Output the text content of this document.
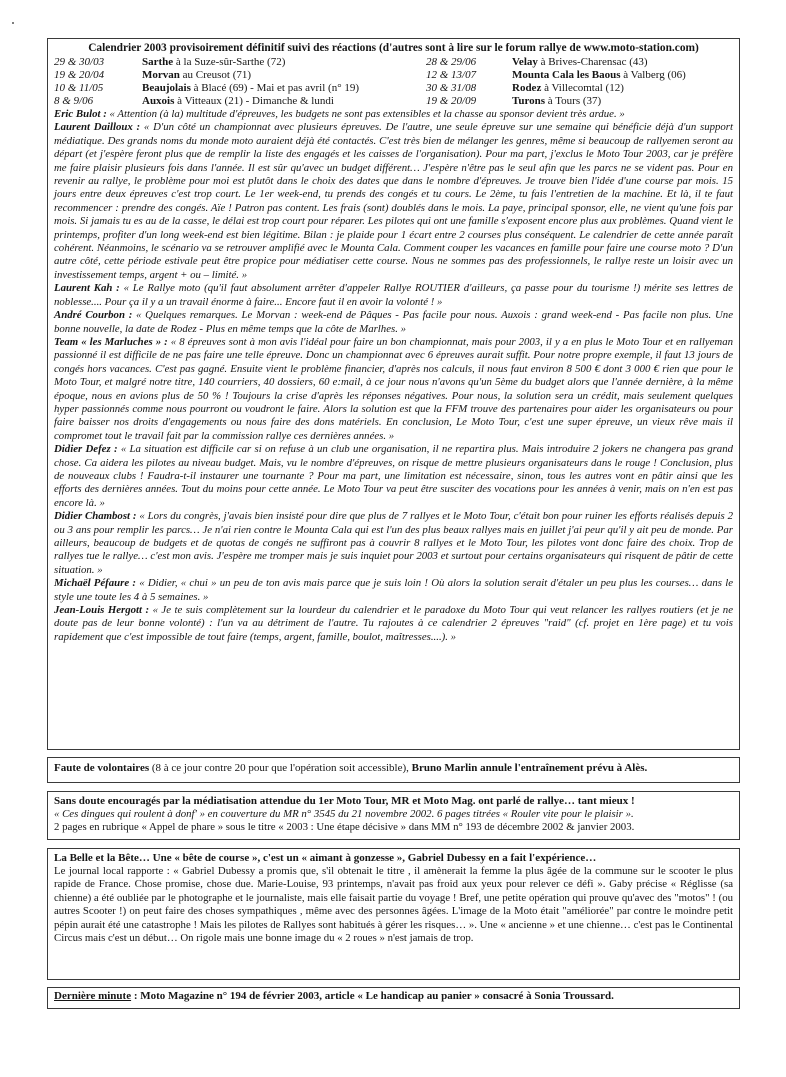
Calendrier 2003 provisoirement définitif suivi des réactions (d'autres sont à lire sur le forum rallye de www.moto-station.com)

29 & 30/03	Sarthe à la Suze-sûr-Sarthe (72)	28 & 29/06	Velay à Brives-Charensac (43)
19 & 20/04	Morvan au Creusot (71)	12 & 13/07	Mounta Cala les Baous à Valberg (06)
10 & 11/05	Beaujolais à Blacé (69) - Mai et pas avril (n° 19)	30 & 31/08	Rodez à Villecomtal (12)
8 & 9/06	Auxois à Vitteaux (21) - Dimanche & lundi	19 & 20/09	Turons à Tours (37)

Eric Bulot : « Attention (à la) multitude d'épreuves, les budgets ne sont pas extensibles et la chasse au sponsor devient très ardue. »

Laurent Dailloux : « D'un côté un championnat avec plusieurs épreuves. De l'autre, une seule épreuve sur une semaine qui bénéficie déjà d'un support médiatique. Des grands noms du monde moto auraient déjà été contactés. C'est très bien de mélanger les genres, même si beaucoup de rallyemen seront au départ (et j'espère feront plus que de remplir la liste des engagés et les caisses de l'organisation). Pour ma part, j'exclus le Moto Tour 2003, car je préfère me faire plaisir plusieurs fois dans l'année. Il est sûr qu'avec un budget différent… J'espère n'être pas le seul afin que les parcs ne se vident pas. Pour en revenir au rallye, le problème pour moi est plutôt dans le choix des dates que dans le nombre d'épreuves. Je trouve bien l'idée d'une course par mois. 15 jours entre deux épreuves c'est trop court. Le 1er week-end, tu prends des congés et tu cours. Le 2ème, tu fais l'entretien de la machine. Et là, il te faut recommencer : prendre des congés. Aïe ! Patron pas content. Les frais (sont) doublés dans le mois. La paye, principal sponsor, elle, ne vient qu'une fois par mois. Si jamais tu es au de la casse, le délai est trop court pour réparer. Les pilotes qui ont une famille s'exposent encore plus aux problèmes. Quand vient le printemps, profiter d'un long week-end est bien légitime. Bilan : je plaide pour 1 écart entre 2 courses plus conséquent. Le calendrier de cette année paraît cohérent. Néanmoins, le scénario va se retrouver amplifié avec le Mounta Cala. Comment couper les vacances en famille pour faire une course moto ? D'un autre côté, cette période estivale peut être propice pour médiatiser cette course. Nous ne sommes pas des professionnels, le rallye reste un loisir avec un investissement temps, argent + ou – limité. »

Laurent Kah : « Le Rallye moto (qu'il faut absolument arrêter d'appeler Rallye ROUTIER d'ailleurs, ça passe pour du tourisme !) mérite ses lettres de noblesse.... Pour ça il y a un travail énorme à faire... Encore faut il en avoir la volonté ! »

André Courbon : « Quelques remarques. Le Morvan : week-end de Pâques - Pas facile pour nous. Auxois : grand week-end - Pas facile non plus. Une bonne nouvelle, la date de Rodez - Plus en même temps que la côte de Marlhes. »

Team « les Marluches » : « 8 épreuves sont à mon avis l'idéal pour faire un bon championnat, mais pour 2003, il y a en plus le Moto Tour et en rallyeman passionné il est difficile de ne pas faire une telle épreuve. Donc un championnat avec 6 épreuves aurait suffit. Pour notre propre exemple, il faut 13 jours de congés hors vacances. C'est pas gagné. Ensuite vient le problème financier, d'après nos calculs, il nous faut environ 8 500 € dont 3 000 € rien que pour le Moto Tour, et malgré notre titre, 140 courriers, 40 dossiers, 60 e:mail, à ce jour nous n'avons qu'un 5ème du budget alors que l'année dernière, à la même époque, nous en avions plus de 50 % ! Toujours la crise d'après les réponses négatives. Pour nous, la solution sera un crédit, mais seulement quelques hyper passionnés comme nous pourront ou voudront le faire. Alors la solution est que la FFM trouve des partenaires pour aider les organisateurs ou pour faire baisser nos droits d'engagements ou nous faire des dons matériels. En conclusion, Le Moto Tour, c'est une super épreuve, un vieux rêve mais il compromet tout le travail fait par la commission rallye ces dernières années. »

Didier Defez : « La situation est difficile car si on refuse à un club une organisation, il ne repartira plus. Mais introduire 2 jokers ne changera pas grand chose. Ca aidera les pilotes au niveau budget. Mais, vu le nombre d'épreuves, on risque de mettre plusieurs organisateurs dans le rouge ! Conclusion, plus de nouveaux clubs ! Faudra-t-il instaurer une tournante ? Pour ma part, une limitation est nécessaire, sinon, tous les autres vont en pâtir ainsi que les efforts des dernières années. Tout du moins pour cette année. Le Moto Tour va peut être susciter des vocations pour les années à venir, mais on n'en est pas encore là. »

Didier Chambost : « Lors du congrès, j'avais bien insisté pour dire que plus de 7 rallyes et le Moto Tour, c'était bon pour ruiner les efforts réalisés depuis 2 ou 3 ans pour remplir les parcs… Je n'ai rien contre le Mounta Cala qui est l'un des plus beaux rallyes mais en juillet j'ai peur qu'il y ait peu de monde. Par ailleurs, beaucoup de budgets et de quotas de congés ne suffiront pas à couvrir 8 rallyes et le Moto Tour, les pilotes vont donc faire des choix. Trop de rallyes tue le rallye… c'est mon avis. J'espère me tromper mais je suis inquiet pour 2003 et surtout pour certains organisateurs qui risquent de pâtir de cette situation. »

Michaël Péfaure : « Didier, « chui » un peu de ton avis mais parce que je suis loin ! Où alors la solution serait d'étaler un peu plus les courses… dans le style une toute les 4 à 5 semaines. »

Jean-Louis Hergott : « Je te suis complètement sur la lourdeur du calendrier et le paradoxe du Moto Tour qui veut relancer les rallyes routiers (et je ne doute pas de leur bonne volonté) : l'un va au détriment de l'autre. Tu rajoutes à ce calendrier 2 épreuves "raid" (cf. projet en 1ère page) et tu vois rapidement que c'est impossible de tout faire (temps, argent, famille, boulot, maîtresses....). »

Faute de volontaires (8 à ce jour contre 20 pour que l'opération soit accessible), Bruno Marlin annule l'entraînement prévu à Alès.

Sans doute encouragés par la médiatisation attendue du 1er Moto Tour, MR et Moto Mag. ont parlé de rallye… tant mieux !

« Ces dingues qui roulent à donf' » en couverture du MR n° 3545 du 21 novembre 2002. 6 pages titrées « Rouler vite pour le plaisir ».

2 pages en rubrique « Appel de phare » sous le titre « 2003 : Une étape décisive » dans MM n° 193 de décembre 2002 & janvier 2003.

La Belle et la Bête… Une « bête de course », c'est un « aimant à gonzesse », Gabriel Dubessy en a fait l'expérience…

Le journal local rapporte : « Gabriel Dubessy a promis que, s'il obtenait le titre , il amènerait la femme la plus âgée de la commune sur le scooter le plus rapide de France. Chose promise, chose due. Marie-Louise, 93 printemps, n'avait pas froid aux yeux pour relever ce défi ». Gaby précise « Réglisse (sa chienne) a été oubliée par le photographe et le journaliste, mais elle faisait partie du voyage ! Bref, une petite opération qui prouve qu'avec des "motos" ! (ou autres Scooter !) on peut faire des choses sympathiques , même avec des personnes âgées. L'image de la Moto était "améliorée" par contre le moindre petit pépin aurait été une catastrophe ! Mais les pilotes de Rallyes sont habitués à gérer les risques… ». Une « ancienne » et une chienne… c'est pas le Continental Circus mais c'est un début… On rigole mais une bonne image du « 2 roues » n'est jamais de trop.

Dernière minute : Moto Magazine n° 194 de février 2003, article « Le handicap au panier » consacré à Sonia Troussard.
